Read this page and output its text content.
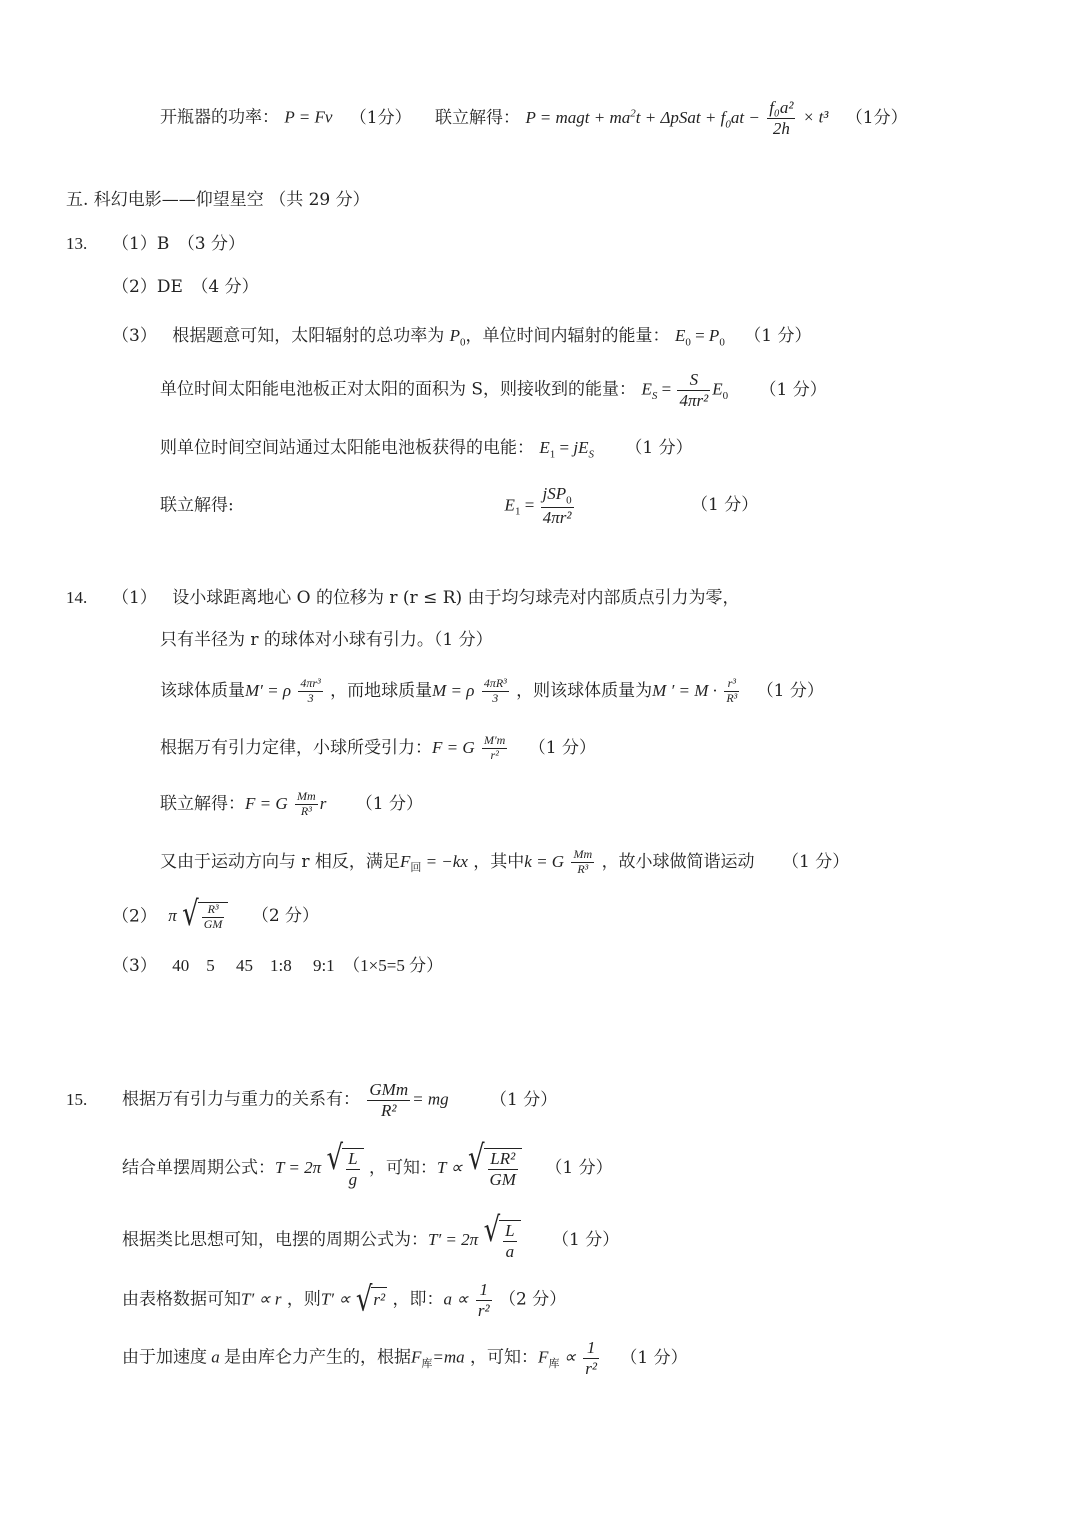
开瓶器的功率： P = Fv （1分） 联立解得： P = magt + $ma^2t$ + ΔpSat + $f_0at - \frac{\text{f₀a²}}{2h} \times t^3$ （1分）
五. 科幻电影——仰望星空 （共 29 分）
13. （1）B　（3 分）
（2）DE　（4 分）
（3） 根据题意可知，太阳辐射的总功率为 $P_0$，单位时间内辐射的能量： $E_0 = P_0$ （1 分）
单位时间太阳能电池板正对太阳的面积为 S，则接收到的能量： $E_S = \frac{S}{\text{4πr²}} E_0$ （1 分）
则单位时间空间站通过太阳能电池板获得的电能： $E_1 = jE_S$ （1 分）
联立解得:	$E_1 = \frac{jSP_0}{\text{4πr²}}$	（1 分）
14. （1） 设小球距离地心 O 的位移为 r (r ≤ R) 由于均匀球壳对内部质点引力为零，
只有半径为 r 的球体对小球有引力。（1 分）
该球体质量M′ = ρ $\frac{\text{4πr³}}{3}$ ，而地球质量M = ρ $\frac{\text{4πR³}}{3}$ ，则该球体质量为M ′ = $M \cdot \frac{\text{r³}}{\text{R³}} (1$ 分）
根据万有引力定律，小球所受引力：F = G $\frac{M'm}{\text{r²}} (1$ 分）
联立解得：F = G $\frac{Mm}{\text{R³}}$ r （1 分）
又由于运动方向与 r 相反，满足$F_回 = -kx$ ，其中k = G $\frac{Mm}{\text{R³}}$ ，故小球做简谐运动 （1 分）
（2） π √ $\frac{\text{R³}}{GM} (2$ 分）
（3） 40　5　 45　1:8　 9:1　（1×5=5 分）
15. 根据万有引力与重力的关系有： $\frac{\text{GMm}}{\text{R²}}$ = mg （1 分）
结合单摆周期公式：T = 2π √ $\frac{L}{g}$ ，可知：T ∝ √ $\frac{\text{LR²}}{GM} (1$ 分）
根据类比思想可知，电摆的周期公式为：T′ = 2π √ $\frac{L}{a} (1$ 分）
由表格数据可知T′ ∝ r ，则T′ ∝ √ r² ，即：$a \propto \frac{1}{\text{r²}} (2$ 分）
由于加速度 a 是由库仑力产生的，根据$F_库=ma$ ，可知：$F_库 \propto \frac{1}{\text{r²}} (1$ 分）
